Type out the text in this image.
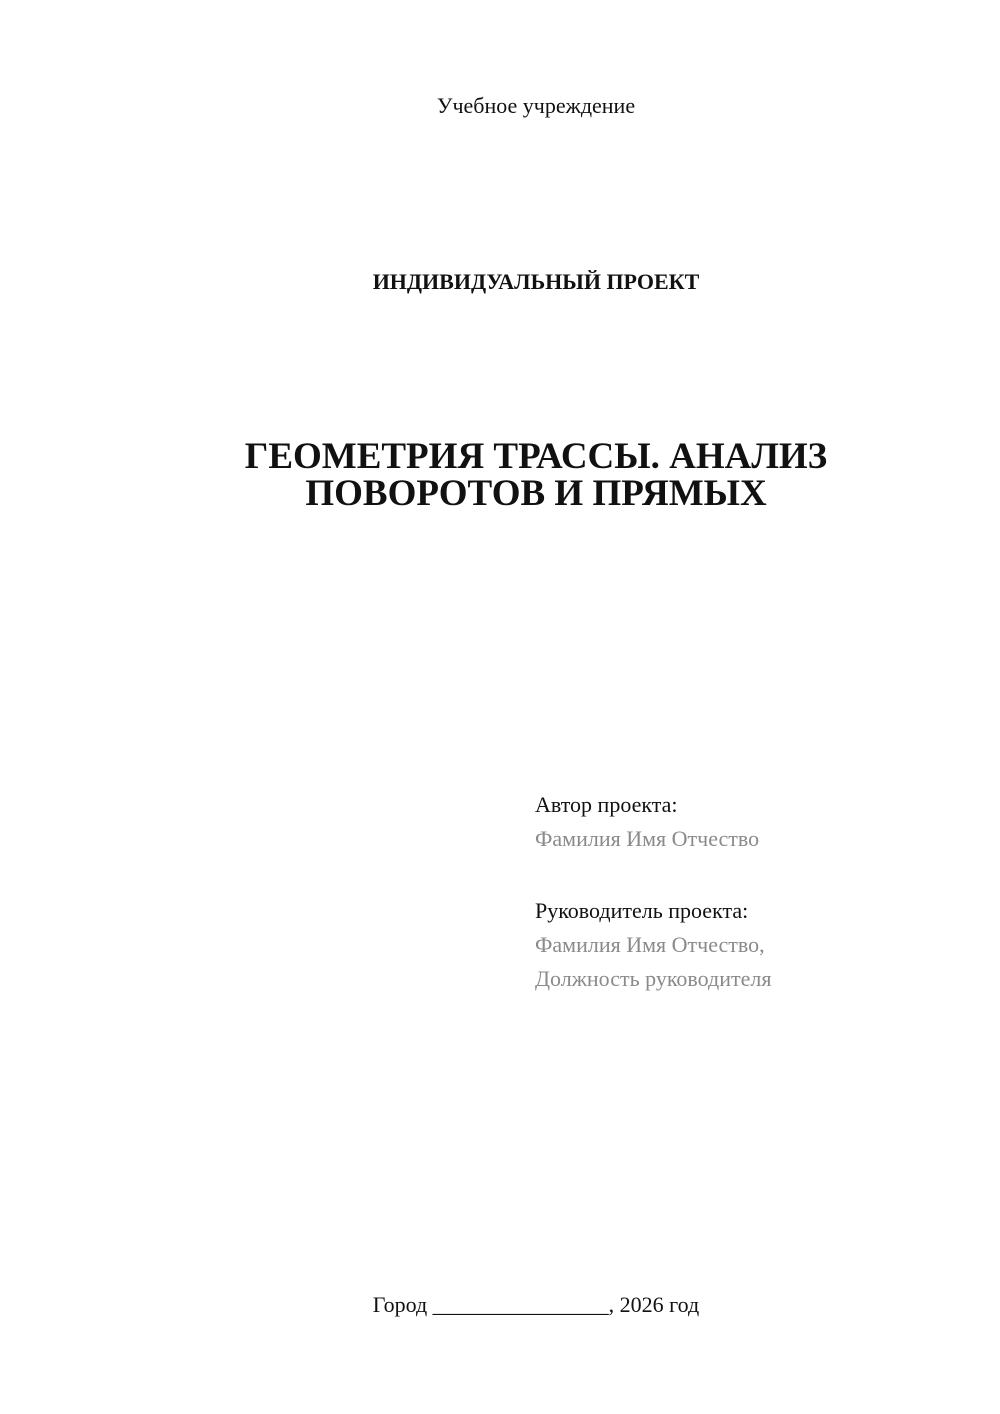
Учебное учреждение
ИНДИВИДУАЛЬНЫЙ ПРОЕКТ
ГЕОМЕТРИЯ ТРАССЫ. АНАЛИЗ
ПОВОРОТОВ И ПРЯМЫХ
Автор проекта:
Фамилия Имя Отчество
Руководитель проекта:
Фамилия Имя Отчество,
Должность руководителя
Город ________________, 2026 год
